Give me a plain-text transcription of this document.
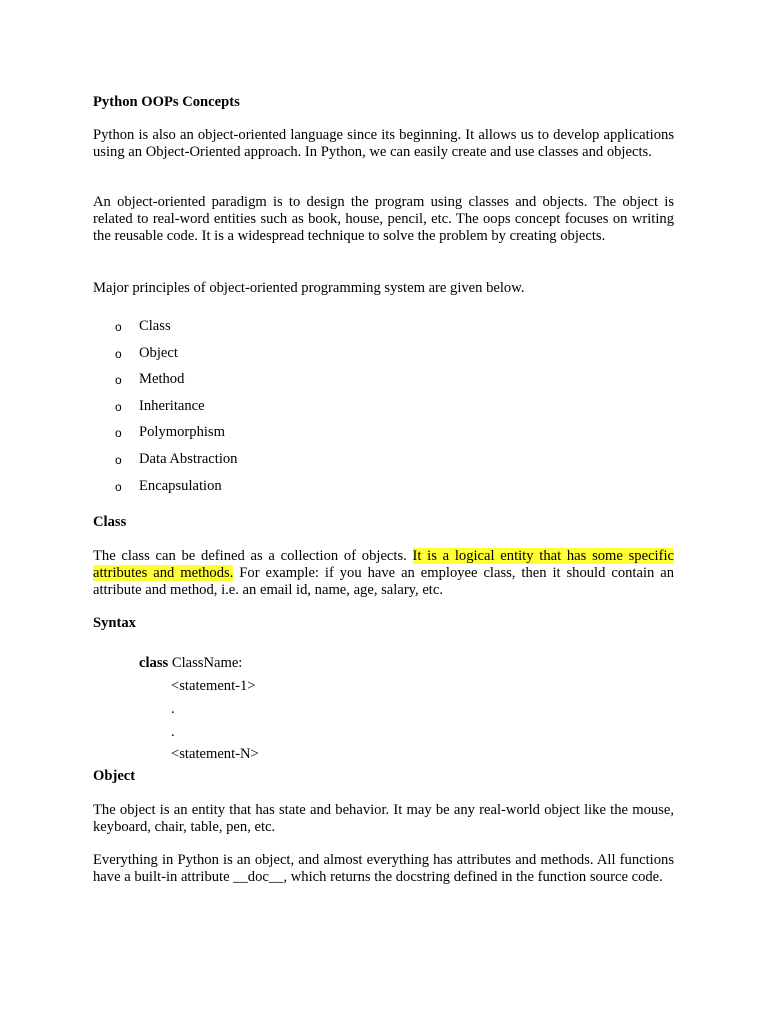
Python OOPs Concepts

Python is also an object-oriented language since its beginning. It allows us to develop applications using an Object-Oriented approach. In Python, we can easily create and use classes and objects.

An object-oriented paradigm is to design the program using classes and objects. The object is related to real-word entities such as book, house, pencil, etc. The oops concept focuses on writing the reusable code. It is a widespread technique to solve the problem by creating objects.

Major principles of object-oriented programming system are given below.

o Class
o Object
o Method
o Inheritance
o Polymorphism
o Data Abstraction
o Encapsulation

Class

The class can be defined as a collection of objects. It is a logical entity that has some specific attributes and methods. For example: if you have an employee class, then it should contain an attribute and method, i.e. an email id, name, age, salary, etc.

Syntax

class ClassName:
<statement-1>
.
.
<statement-N>

Object

The object is an entity that has state and behavior. It may be any real-world object like the mouse, keyboard, chair, table, pen, etc.

Everything in Python is an object, and almost everything has attributes and methods. All functions have a built-in attribute __doc__, which returns the docstring defined in the function source code.
